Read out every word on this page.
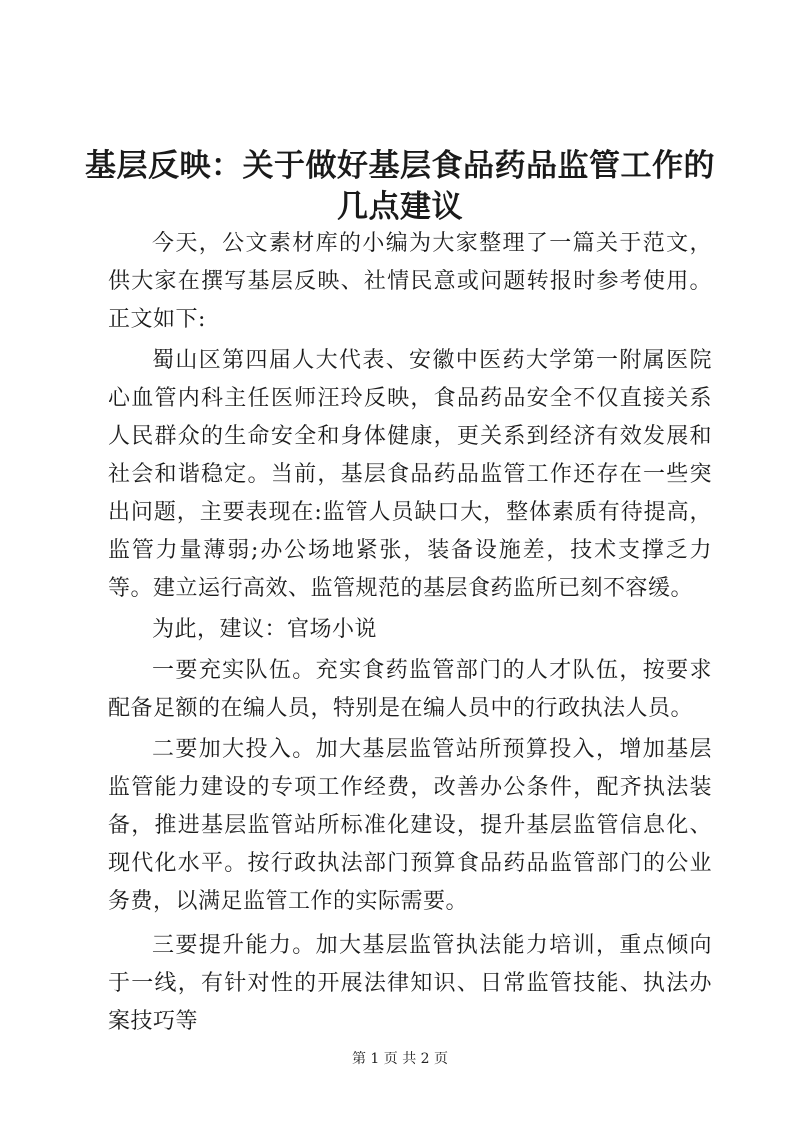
基层反映：关于做好基层食品药品监管工作的
几点建议

今天，公文素材库的小编为大家整理了一篇关于范文，供大家在撰写基层反映、社情民意或问题转报时参考使用。正文如下:

蜀山区第四届人大代表、安徽中医药大学第一附属医院心血管内科主任医师汪玲反映，食品药品安全不仅直接关系人民群众的生命安全和身体健康，更关系到经济有效发展和社会和谐稳定。当前，基层食品药品监管工作还存在一些突出问题，主要表现在:监管人员缺口大，整体素质有待提高，监管力量薄弱;办公场地紧张，装备设施差，技术支撑乏力等。建立运行高效、监管规范的基层食药监所已刻不容缓。

为此，建议：官场小说

一要充实队伍。充实食药监管部门的人才队伍，按要求配备足额的在编人员，特别是在编人员中的行政执法人员。

二要加大投入。加大基层监管站所预算投入，增加基层监管能力建设的专项工作经费，改善办公条件，配齐执法装备，推进基层监管站所标准化建设，提升基层监管信息化、现代化水平。按行政执法部门预算食品药品监管部门的公业务费，以满足监管工作的实际需要。

三要提升能力。加大基层监管执法能力培训，重点倾向于一线，有针对性的开展法律知识、日常监管技能、执法办案技巧等

第 1 页 共 2 页
